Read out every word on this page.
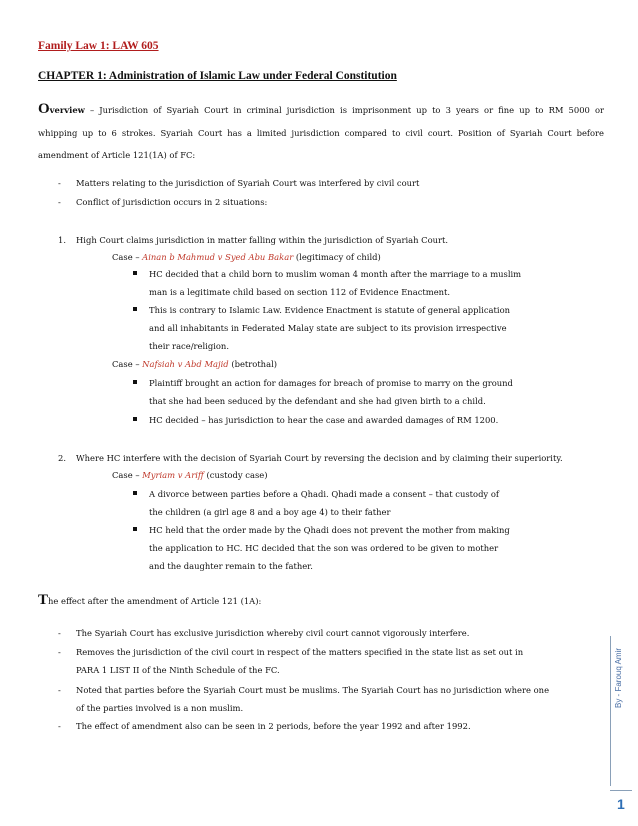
Family Law 1: LAW 605
CHAPTER 1: Administration of Islamic Law under Federal Constitution
Overview – Jurisdiction of Syariah Court in criminal jurisdiction is imprisonment up to 3 years or fine up to RM 5000 or
whipping up to 6 strokes. Syariah Court has a limited jurisdiction compared to civil court. Position of Syariah Court before
amendment of Article 121(1A) of FC:
- Matters relating to the jurisdiction of Syariah Court was interfered by civil court
- Conflict of jurisdiction occurs in 2 situations:
1. High Court claims jurisdiction in matter falling within the jurisdiction of Syariah Court.
Case – Ainan b Mahmud v Syed Abu Bakar (legitimacy of child)
HC decided that a child born to muslim woman 4 month after the marriage to a muslim
man is a legitimate child based on section 112 of Evidence Enactment.
This is contrary to Islamic Law. Evidence Enactment is statute of general application
and all inhabitants in Federated Malay state are subject to its provision irrespective
their race/religion.
Case – Nafsiah v Abd Majid (betrothal)
Plaintiff brought an action for damages for breach of promise to marry on the ground
that she had been seduced by the defendant and she had given birth to a child.
HC decided – has jurisdiction to hear the case and awarded damages of RM 1200.
2. Where HC interfere with the decision of Syariah Court by reversing the decision and by claiming their superiority.
Case – Myriam v Ariff (custody case)
A divorce between parties before a Qhadi. Qhadi made a consent – that custody of
the children (a girl age 8 and a boy age 4) to their father
HC held that the order made by the Qhadi does not prevent the mother from making
the application to HC. HC decided that the son was ordered to be given to mother
and the daughter remain to the father.
The effect after the amendment of Article 121 (1A):
- The Syariah Court has exclusive jurisdiction whereby civil court cannot vigorously interfere.
- Removes the jurisdiction of the civil court in respect of the matters specified in the state list as set out in
PARA 1 LIST II of the Ninth Schedule of the FC.
- Noted that parties before the Syariah Court must be muslims. The Syariah Court has no jurisdiction where one
of the parties involved is a non muslim.
- The effect of amendment also can be seen in 2 periods, before the year 1992 and after 1992.
By - Farouq Amir
1
